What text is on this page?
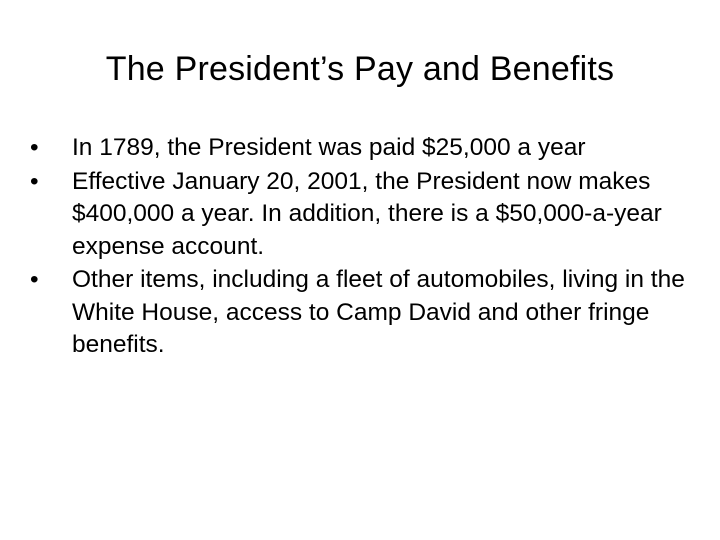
The President’s Pay and Benefits
•	In 1789, the President was paid $25,000 a year
•	Effective January 20, 2001, the President now makes $400,000 a year. In addition, there is a $50,000-a-year expense account.
•	Other items, including a fleet of automobiles, living in the White House, access to Camp David and other fringe benefits.
